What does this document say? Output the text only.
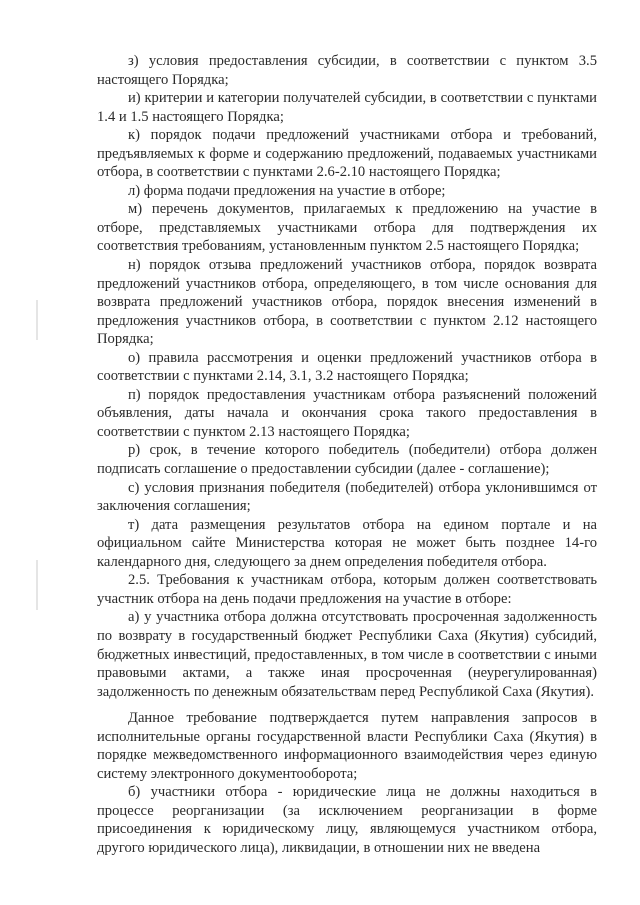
з) условия предоставления субсидии, в соответствии с пунктом 3.5 настоящего Порядка;

и) критерии и категории получателей субсидии, в соответствии с пунктами 1.4 и 1.5 настоящего Порядка;

к) порядок подачи предложений участниками отбора и требований, предъявляемых к форме и содержанию предложений, подаваемых участниками отбора, в соответствии с пунктами 2.6-2.10 настоящего Порядка;

л) форма подачи предложения на участие в отборе;

м) перечень документов, прилагаемых к предложению на участие в отборе, представляемых участниками отбора для подтверждения их соответствия требованиям, установленным пунктом 2.5 настоящего Порядка;

н) порядок отзыва предложений участников отбора, порядок возврата предложений участников отбора, определяющего, в том числе основания для возврата предложений участников отбора, порядок внесения изменений в предложения участников отбора, в соответствии с пунктом 2.12 настоящего Порядка;

о) правила рассмотрения и оценки предложений участников отбора в соответствии с пунктами 2.14, 3.1, 3.2 настоящего Порядка;

п) порядок предоставления участникам отбора разъяснений положений объявления, даты начала и окончания срока такого предоставления в соответствии с пунктом 2.13 настоящего Порядка;

р) срок, в течение которого победитель (победители) отбора должен подписать соглашение о предоставлении субсидии (далее - соглашение);

с) условия признания победителя (победителей) отбора уклонившимся от заключения соглашения;

т) дата размещения результатов отбора на едином портале и на официальном сайте Министерства которая не может быть позднее 14-го календарного дня, следующего за днем определения победителя отбора.

2.5. Требования к участникам отбора, которым должен соответствовать участник отбора на день подачи предложения на участие в отборе:

а) у участника отбора должна отсутствовать просроченная задолженность по возврату в государственный бюджет Республики Саха (Якутия) субсидий, бюджетных инвестиций, предоставленных, в том числе в соответствии с иными правовыми актами, а также иная просроченная (неурегулированная) задолженность по денежным обязательствам перед Республикой Саха (Якутия).

Данное требование подтверждается путем направления запросов в исполнительные органы государственной власти Республики Саха (Якутия) в порядке межведомственного информационного взаимодействия через единую систему электронного документооборота;

б) участники отбора - юридические лица не должны находиться в процессе реорганизации (за исключением реорганизации в форме присоединения к юридическому лицу, являющемуся участником отбора, другого юридического лица), ликвидации, в отношении них не введена
